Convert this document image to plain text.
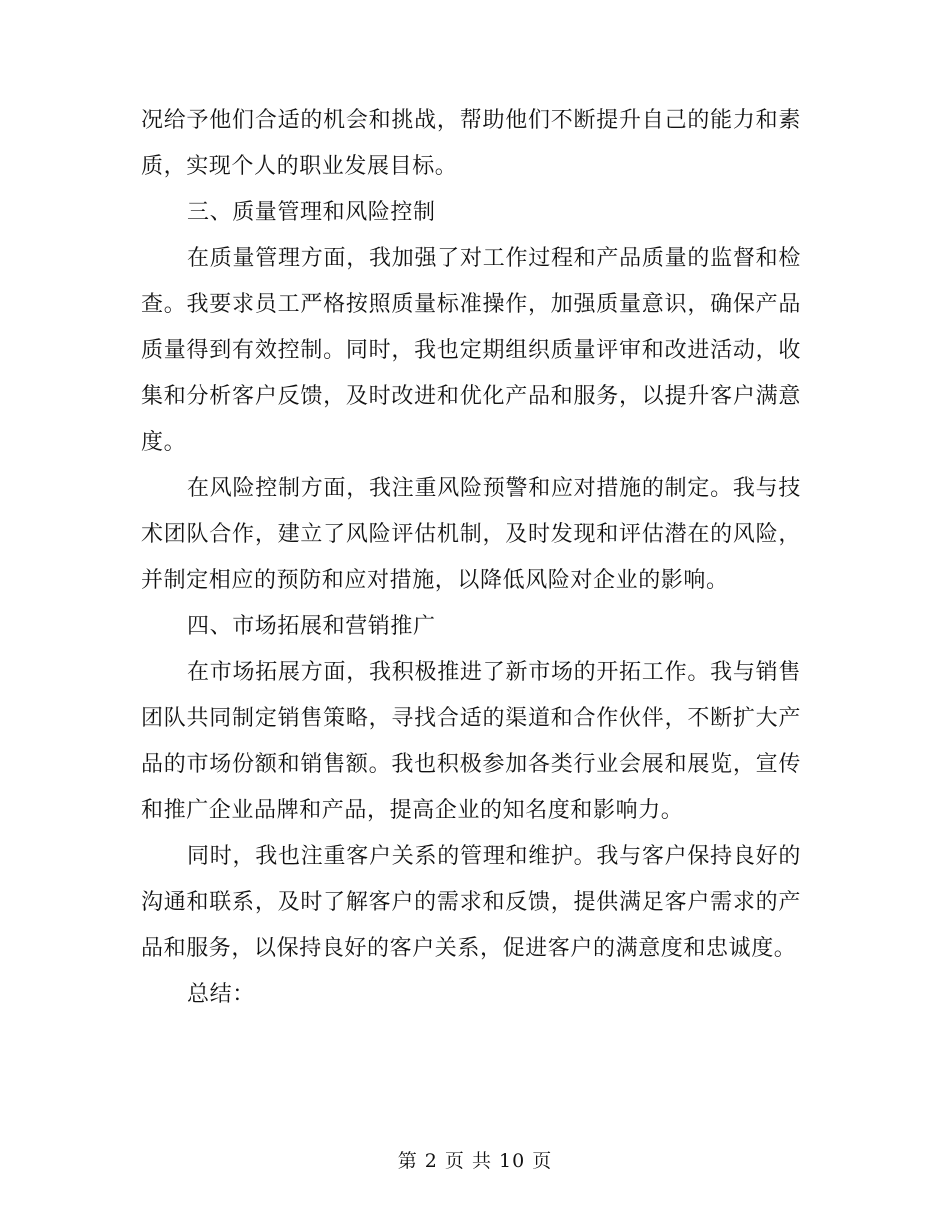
况给予他们合适的机会和挑战，帮助他们不断提升自己的能力和素质，实现个人的职业发展目标。

三、质量管理和风险控制

在质量管理方面，我加强了对工作过程和产品质量的监督和检查。我要求员工严格按照质量标准操作，加强质量意识，确保产品质量得到有效控制。同时，我也定期组织质量评审和改进活动，收集和分析客户反馈，及时改进和优化产品和服务，以提升客户满意度。

在风险控制方面，我注重风险预警和应对措施的制定。我与技术团队合作，建立了风险评估机制，及时发现和评估潜在的风险，并制定相应的预防和应对措施，以降低风险对企业的影响。

四、市场拓展和营销推广

在市场拓展方面，我积极推进了新市场的开拓工作。我与销售团队共同制定销售策略，寻找合适的渠道和合作伙伴，不断扩大产品的市场份额和销售额。我也积极参加各类行业会展和展览，宣传和推广企业品牌和产品，提高企业的知名度和影响力。

同时，我也注重客户关系的管理和维护。我与客户保持良好的沟通和联系，及时了解客户的需求和反馈，提供满足客户需求的产品和服务，以保持良好的客户关系，促进客户的满意度和忠诚度。

总结：

第 2 页 共 10 页
